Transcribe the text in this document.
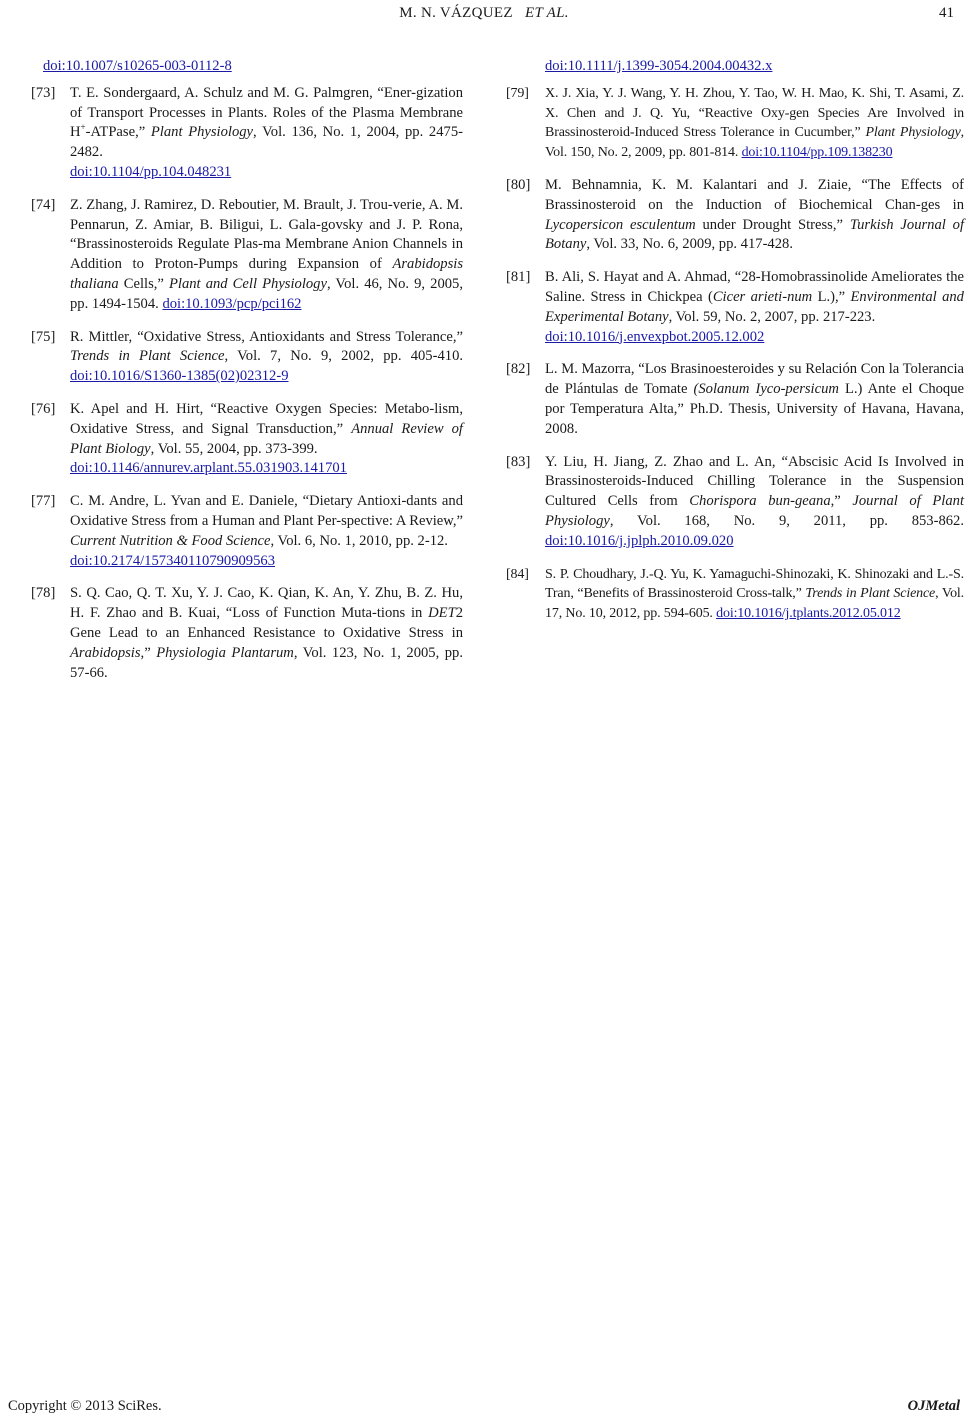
M. N. VÁZQUEZ ET AL.	41
doi:10.1007/s10265-003-0112-8
[73] T. E. Sondergaard, A. Schulz and M. G. Palmgren, “Ener-gization of Transport Processes in Plants. Roles of the Plasma Membrane H+-ATPase,” Plant Physiology, Vol. 136, No. 1, 2004, pp. 2475-2482.
doi:10.1104/pp.104.048231
[74] Z. Zhang, J. Ramirez, D. Reboutier, M. Brault, J. Trou-verie, A. M. Pennarun, Z. Amiar, B. Biligui, L. Gala-govsky and J. P. Rona, “Brassinosteroids Regulate Plas-ma Membrane Anion Channels in Addition to Proton-Pumps during Expansion of Arabidopsis thaliana Cells,” Plant and Cell Physiology, Vol. 46, No. 9, 2005, pp. 1494-1504. doi:10.1093/pcp/pci162
[75] R. Mittler, “Oxidative Stress, Antioxidants and Stress Tolerance,” Trends in Plant Science, Vol. 7, No. 9, 2002, pp. 405-410. doi:10.1016/S1360-1385(02)02312-9
[76] K. Apel and H. Hirt, “Reactive Oxygen Species: Metabo-lism, Oxidative Stress, and Signal Transduction,” Annual Review of Plant Biology, Vol. 55, 2004, pp. 373-399.
doi:10.1146/annurev.arplant.55.031903.141701
[77] C. M. Andre, L. Yvan and E. Daniele, “Dietary Antioxi-dants and Oxidative Stress from a Human and Plant Per-spective: A Review,” Current Nutrition & Food Science, Vol. 6, No. 1, 2010, pp. 2-12.
doi:10.2174/157340110790909563
[78] S. Q. Cao, Q. T. Xu, Y. J. Cao, K. Qian, K. An, Y. Zhu, B. Z. Hu, H. F. Zhao and B. Kuai, “Loss of Function Muta-tions in DET2 Gene Lead to an Enhanced Resistance to Oxidative Stress in Arabidopsis,” Physiologia Plantarum, Vol. 123, No. 1, 2005, pp. 57-66.
doi:10.1111/j.1399-3054.2004.00432.x
[79] X. J. Xia, Y. J. Wang, Y. H. Zhou, Y. Tao, W. H. Mao, K. Shi, T. Asami, Z. X. Chen and J. Q. Yu, “Reactive Oxy-gen Species Are Involved in Brassinosteroid-Induced Stress Tolerance in Cucumber,” Plant Physiology, Vol. 150, No. 2, 2009, pp. 801-814. doi:10.1104/pp.109.138230
[80] M. Behnamnia, K. M. Kalantari and J. Ziaie, “The Effects of Brassinosteroid on the Induction of Biochemical Chan-ges in Lycopersicon esculentum under Drought Stress,” Turkish Journal of Botany, Vol. 33, No. 6, 2009, pp. 417-428.
[81] B. Ali, S. Hayat and A. Ahmad, “28-Homobrassinolide Ameliorates the Saline. Stress in Chickpea (Cicer arieti-num L.),” Environmental and Experimental Botany, Vol. 59, No. 2, 2007, pp. 217-223.
doi:10.1016/j.envexpbot.2005.12.002
[82] L. M. Mazorra, “Los Brasinoesteroides y su Relación Con la Tolerancia de Plántulas de Tomate (Solanum Iyco-persicum L.) Ante el Choque por Temperatura Alta,” Ph.D. Thesis, University of Havana, Havana, 2008.
[83] Y. Liu, H. Jiang, Z. Zhao and L. An, “Abscisic Acid Is Involved in Brassinosteroids-Induced Chilling Tolerance in the Suspension Cultured Cells from Chorispora bun-geana,” Journal of Plant Physiology, Vol. 168, No. 9, 2011, pp. 853-862. doi:10.1016/j.jplph.2010.09.020
[84] S. P. Choudhary, J.-Q. Yu, K. Yamaguchi-Shinozaki, K. Shinozaki and L.-S. Tran, “Benefits of Brassinosteroid Cross-talk,” Trends in Plant Science, Vol. 17, No. 10, 2012, pp. 594-605. doi:10.1016/j.tplants.2012.05.012
Copyright © 2013 SciRes.	OJMetal
